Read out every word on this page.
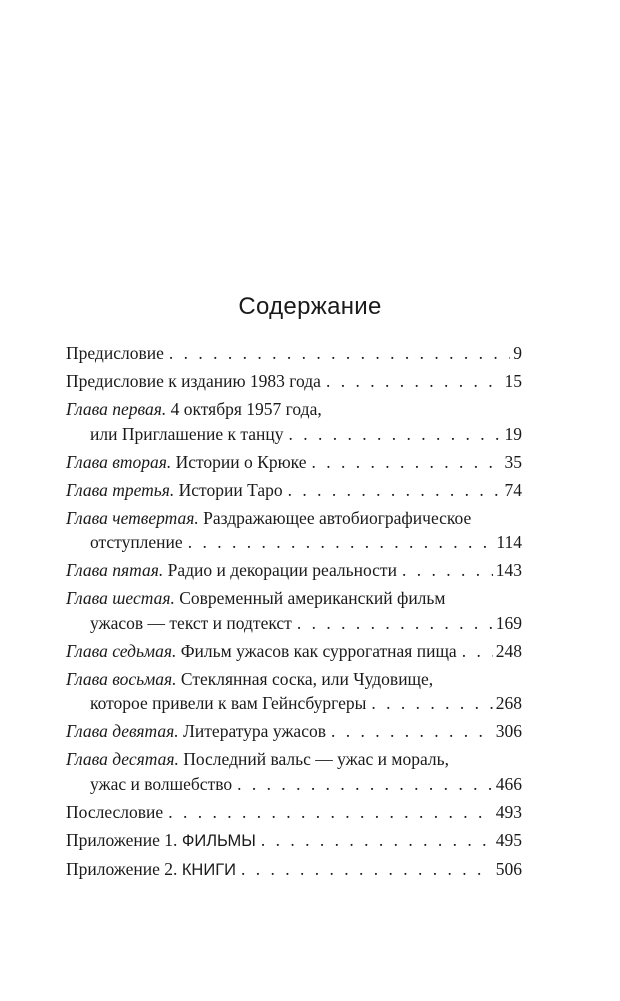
Содержание
Предисловие . . .	9
Предисловие к изданию 1983 года . . .	15
Глава первая. 4 октября 1957 года,
или Приглашение к танцу . . .	19
Глава вторая. Истории о Крюке . . .	35
Глава третья. Истории Таро . . .	74
Глава четвертая. Раздражающее автобиографическое
отступление . . .	114
Глава пятая. Радио и декорации реальности . . .	143
Глава шестая. Современный американский фильм
ужасов — текст и подтекст . . .	169
Глава седьмая. Фильм ужасов как суррогатная пища . . . 248
Глава восьмая. Стеклянная соска, или Чудовище,
которое привели к вам Гейнсбургеры . . .	268
Глава девятая. Литература ужасов . . .	306
Глава десятая. Последний вальс — ужас и мораль,
ужас и волшебство . . .	466
Послесловие . . .	493
Приложение 1. ФИЛЬМЫ . . .	495
Приложение 2. КНИГИ . . .	506
